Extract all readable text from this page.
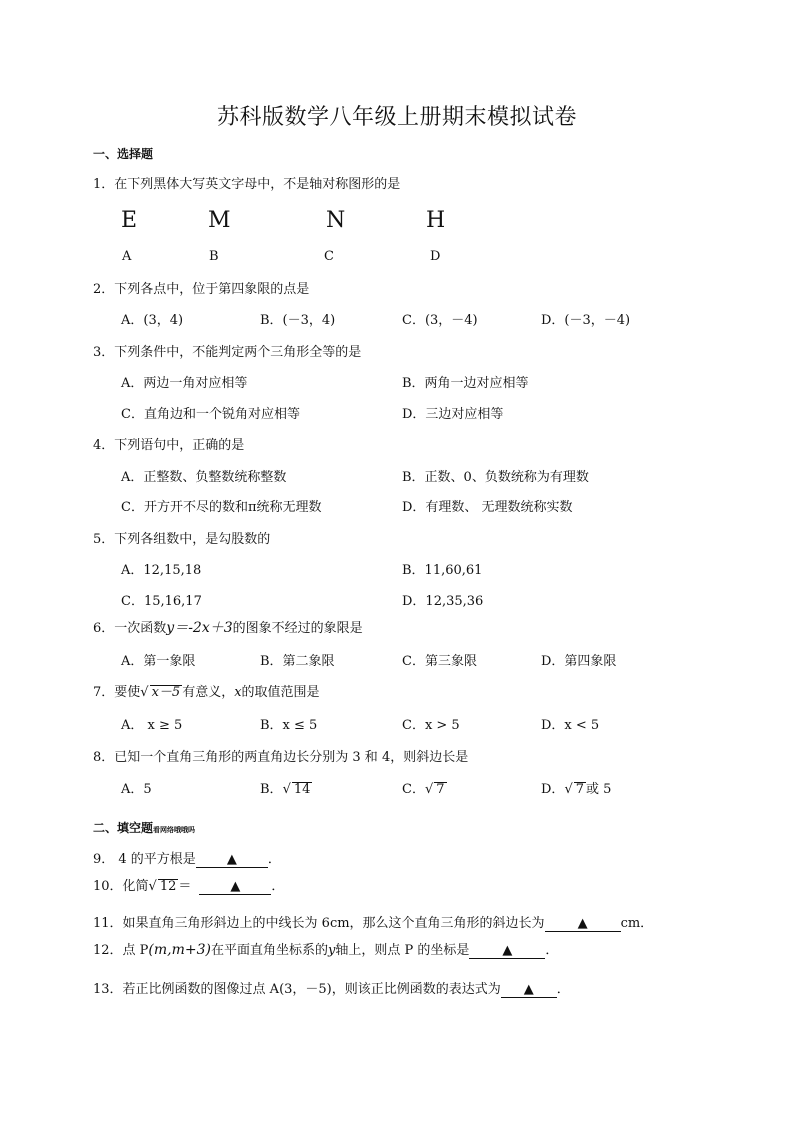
苏科版数学八年级上册期末模拟试卷
一、选择题
1．在下列黑体大写英文字母中，不是轴对称图形的是
E	M	N	H
A	B	C	D
2．下列各点中，位于第四象限的点是
A．(3，4)	B．(－3，4)	C．(3，－4)	D．(－3，－4)
3．下列条件中，不能判定两个三角形全等的是
A．两边一角对应相等	B．两角一边对应相等
C．直角边和一个锐角对应相等	D．三边对应相等
4．下列语句中，正确的是
A．正整数、负整数统称整数	B．正数、0、负数统称为有理数
C．开方开不尽的数和π统称无理数	D．有理数、 无理数统称实数
5．下列各组数中，是勾股数的
A．12,15,18	B．11,60,61
C．15,16,17	D．12,35,36
6．一次函数y＝-2x＋3的图象不经过的象限是
A．第一象限	B．第二象限	C．第三象限	D．第四象限
7．要使√ x－5 有意义，x的取值范围是
A． x ≥ 5	B．x ≤ 5	C．x > 5	D．x < 5
8．已知一个直角三角形的两直角边长分别为 3 和 4，则斜边长是
A．5	B．√ 14	C．√ 7	D．√ 7 或 5
二、填空题看网络哦哦吗
9． 4 的平方根是 ▲ ．
10．化简√ 12 ＝	▲ ．
11．如果直角三角形斜边上的中线长为 6cm，那么这个直角三角形的斜边长为	▲	cm．
12．点 P(m,m+3)在平面直角坐标系的y轴上，则点 P 的坐标是	▲	．
13．若正比例函数的图像过点 A(3，－5)，则该正比例函数的表达式为 ▲ ．
